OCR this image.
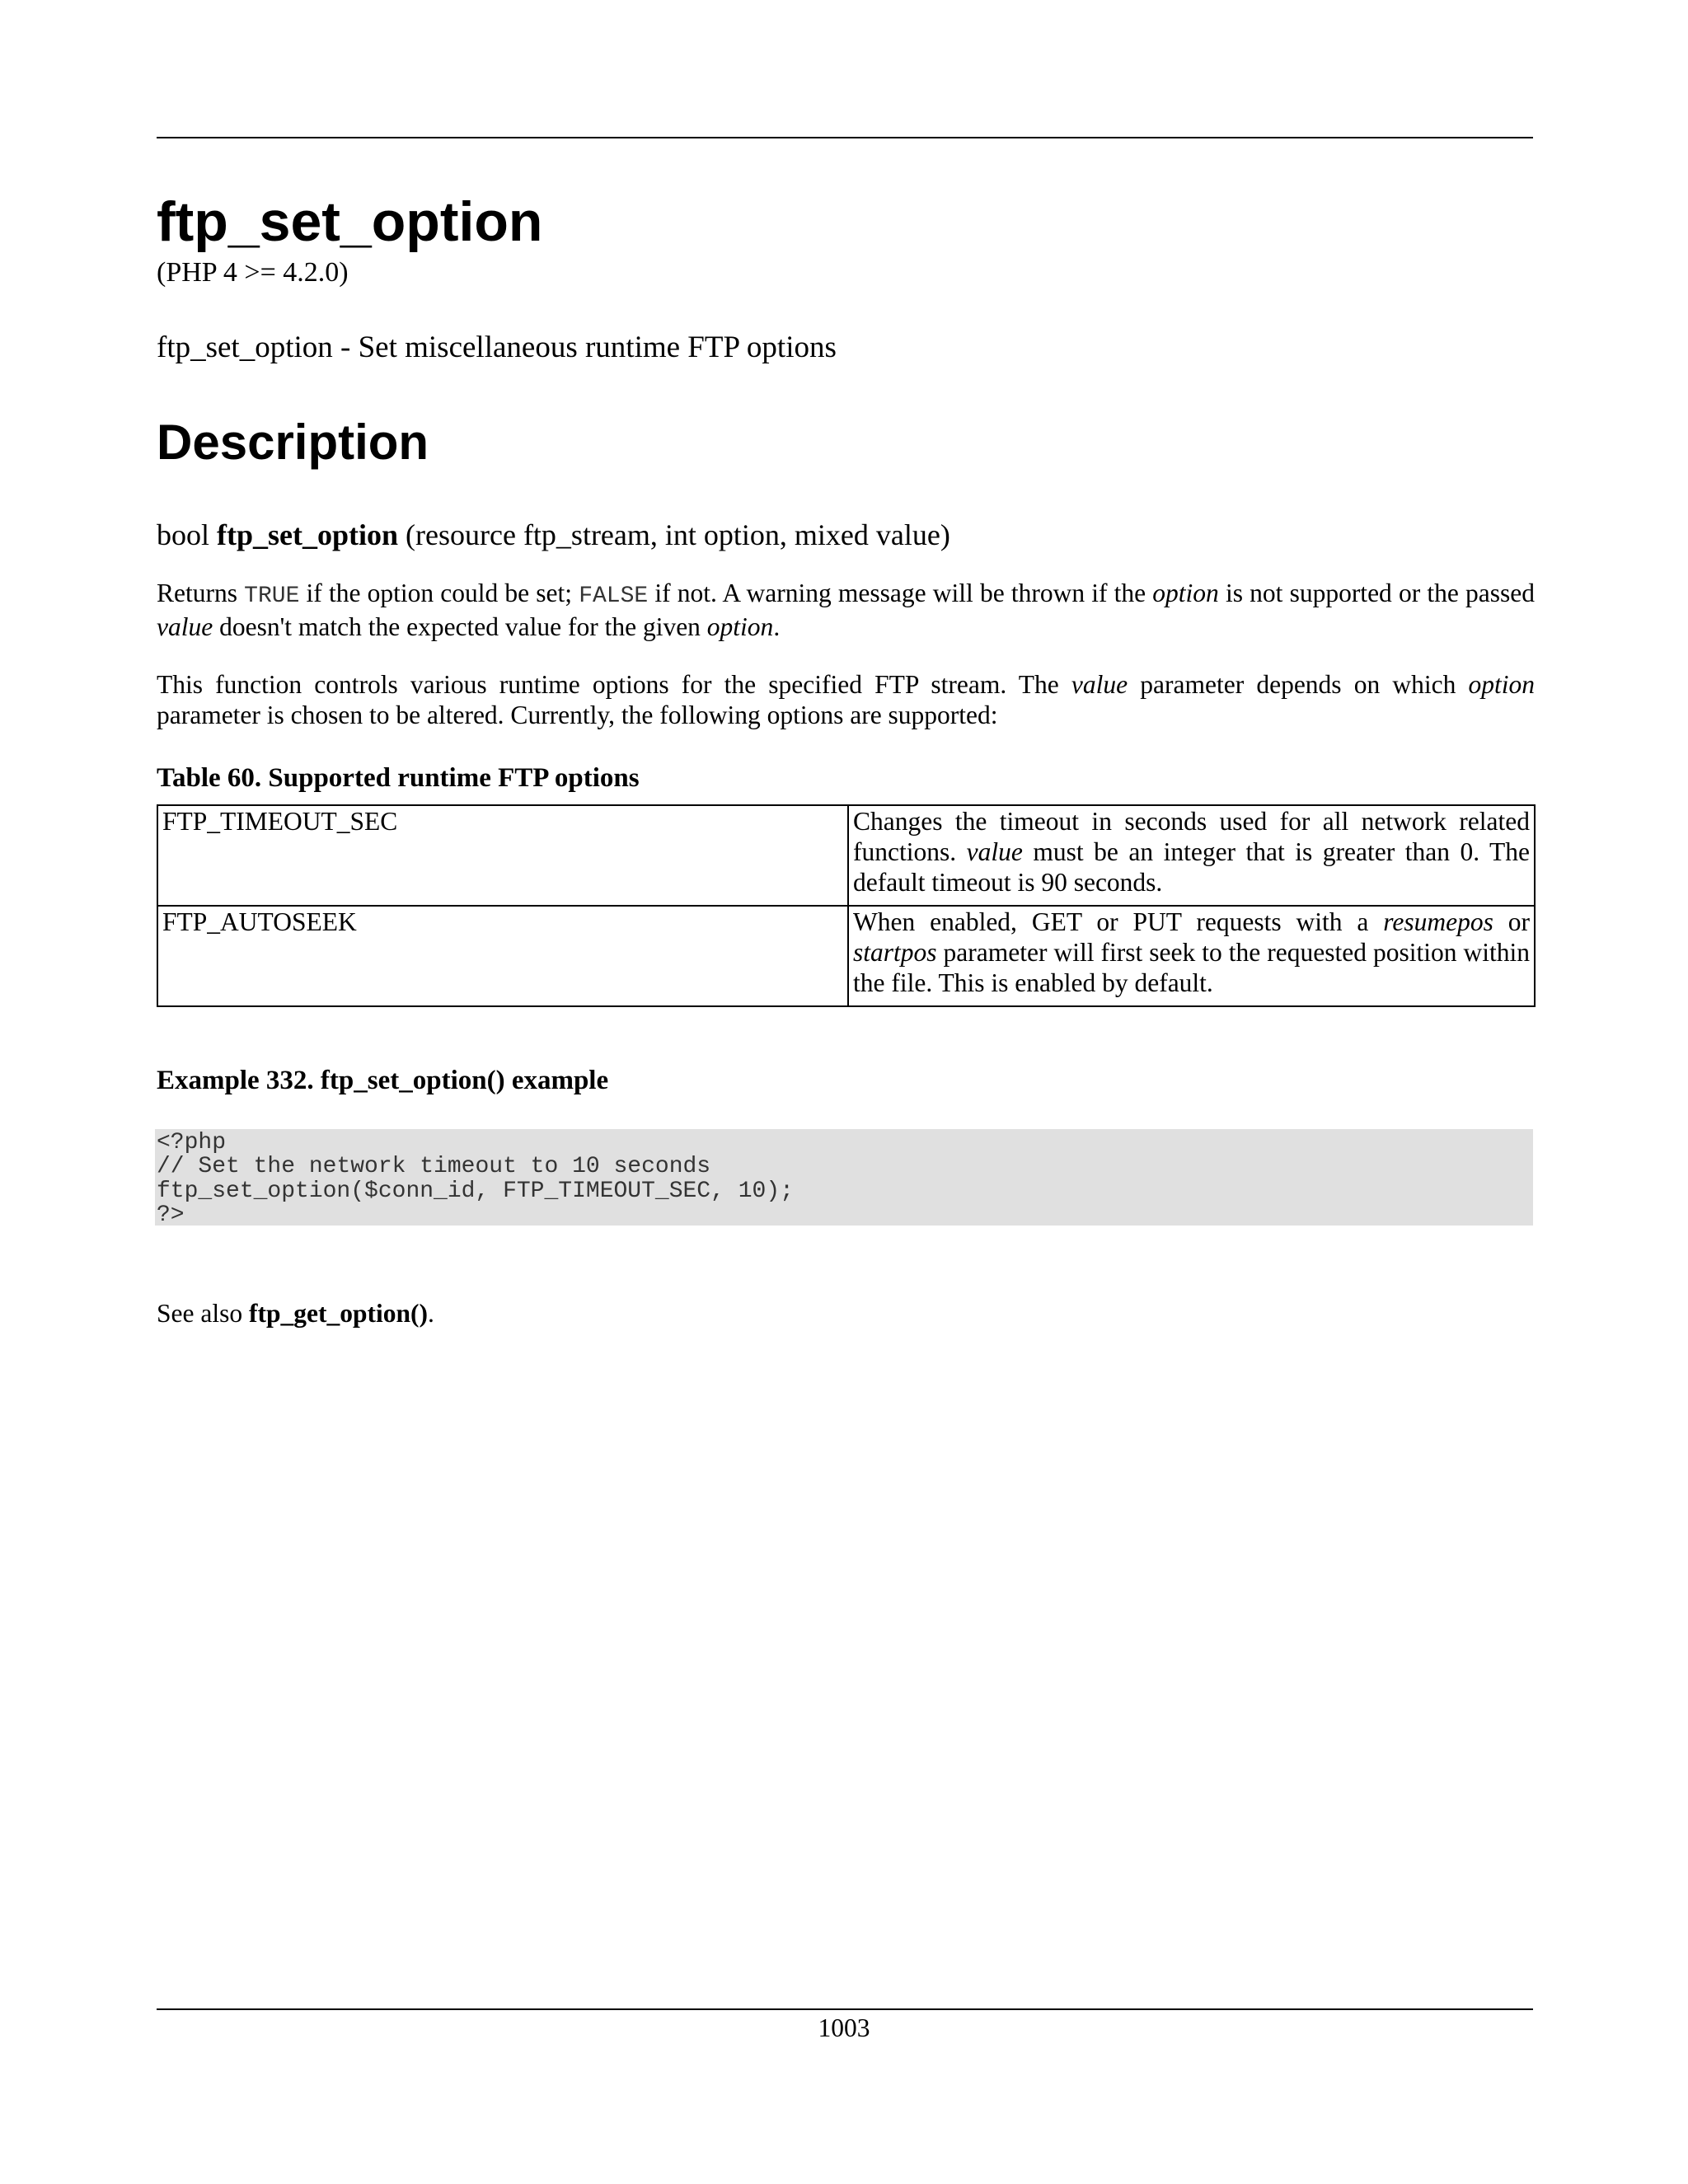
ftp_set_option
(PHP 4 >= 4.2.0)
ftp_set_option - Set miscellaneous runtime FTP options
Description
bool ftp_set_option (resource ftp_stream, int option, mixed value)

Returns TRUE if the option could be set; FALSE if not. A warning message will be thrown if the option is not supported or the passed value doesn't match the expected value for the given option.

This function controls various runtime options for the specified FTP stream. The value parameter depends on which option parameter is chosen to be altered. Currently, the following options are supported:

Table 60. Supported runtime FTP options
FTP_TIMEOUT_SEC	Changes the timeout in seconds used for all network related functions. value must be an integer that is greater than 0. The default timeout is 90 seconds.
FTP_AUTOSEEK	When enabled, GET or PUT requests with a resumepos or startpos parameter will first seek to the requested position within the file. This is enabled by default.
Example 332. ftp_set_option() example
<?php
// Set the network timeout to 10 seconds
ftp_set_option($conn_id, FTP_TIMEOUT_SEC, 10);
?>

See also ftp_get_option().

1003
